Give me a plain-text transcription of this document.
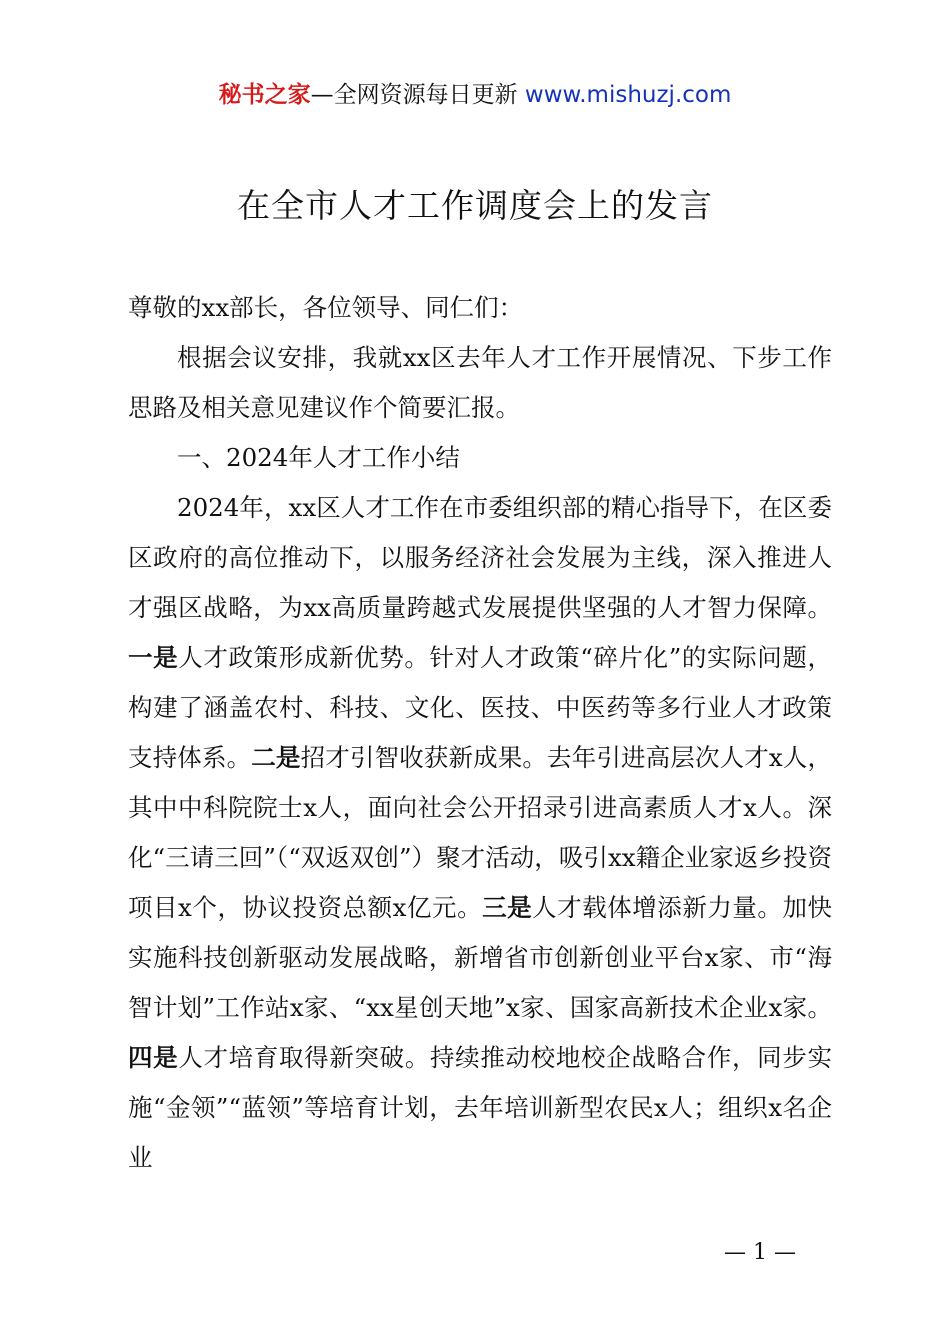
秘书之家—全网资源每日更新 www.mishuzj.com
在全市人才工作调度会上的发言

尊敬的xx部长，各位领导、同仁们：

根据会议安排，我就xx区去年人才工作开展情况、下步工作思路及相关意见建议作个简要汇报。

一、2024年人才工作小结

2024年，xx区人才工作在市委组织部的精心指导下，在区委区政府的高位推动下，以服务经济社会发展为主线，深入推进人才强区战略，为xx高质量跨越式发展提供坚强的人才智力保障。一是人才政策形成新优势。针对人才政策“碎片化”的实际问题，构建了涵盖农村、科技、文化、医技、中医药等多行业人才政策支持体系。二是招才引智收获新成果。去年引进高层次人才x人，其中中科院院士x人，面向社会公开招录引进高素质人才x人。深化“三请三回”（“双返双创”）聚才活动，吸引xx籍企业家返乡投资项目x个，协议投资总额x亿元。三是人才载体增添新力量。加快实施科技创新驱动发展战略，新增省市创新创业平台x家、市“海智计划”工作站x家、“xx星创天地”x家、国家高新技术企业x家。四是人才培育取得新突破。持续推动校地校企战略合作，同步实施“金领”“蓝领”等培育计划，去年培训新型农民x人；组织x名企业

— 1 —
